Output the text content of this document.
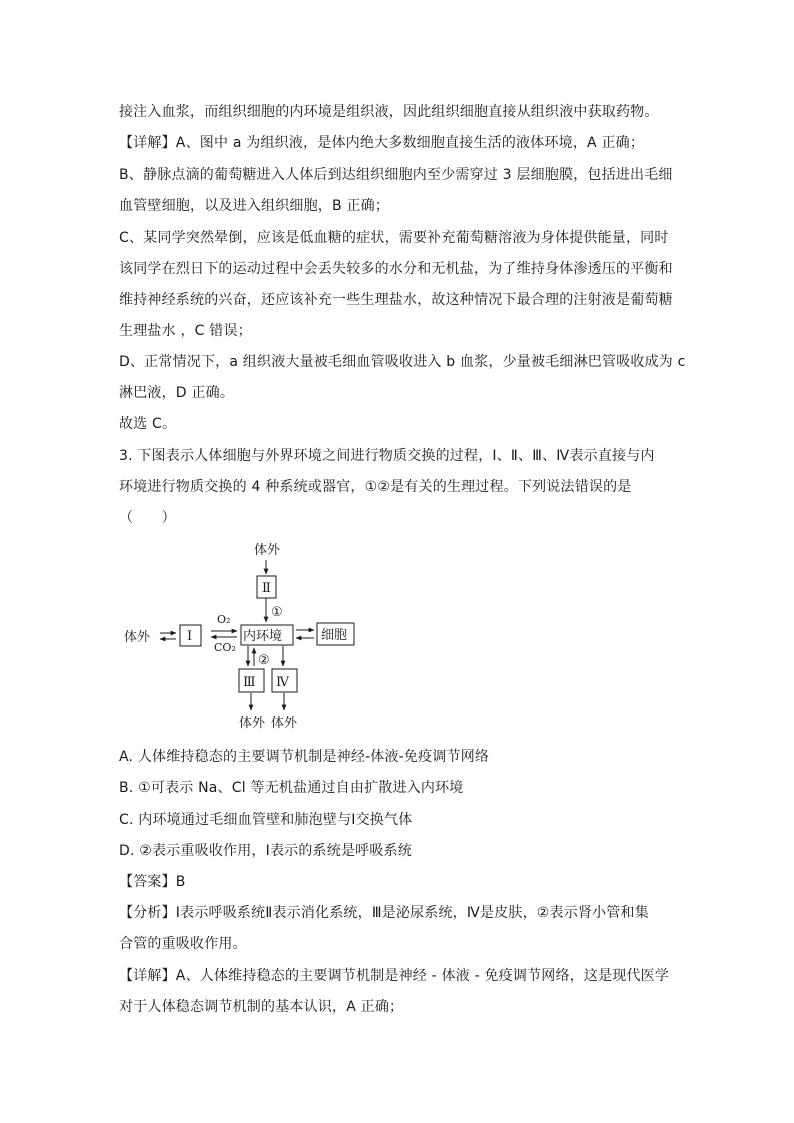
接注入血浆，而组织细胞的内环境是组织液，因此组织细胞直接从组织液中获取药物。
【详解】A、图中 a 为组织液，是体内绝大多数细胞直接生活的液体环境，A 正确；
B、静脉点滴的葡萄糖进入人体后到达组织细胞内至少需穿过 3 层细胞膜，包括进出毛细
血管壁细胞，以及进入组织细胞，B 正确；
C、某同学突然晕倒，应该是低血糖的症状，需要补充葡萄糖溶液为身体提供能量，同时
该同学在烈日下的运动过程中会丢失较多的水分和无机盐，为了维持身体渗透压的平衡和
维持神经系统的兴奋，还应该补充一些生理盐水，故这种情况下最合理的注射液是葡萄糖
生理盐水 ，C 错误；
D、正常情况下，a 组织液大量被毛细血管吸收进入 b 血浆，少量被毛细淋巴管吸收成为 c
淋巴液，D 正确。
故选 C。
3. 下图表示人体细胞与外界环境之间进行物质交换的过程，Ⅰ、Ⅱ、Ⅲ、Ⅳ表示直接与内
环境进行物质交换的 4 种系统或器官，①②是有关的生理过程。下列说法错误的是
（　　）
体外
Ⅱ
①
体外	Ⅰ
O₂
CO₂
内环境	细胞
②
Ⅲ Ⅳ
体外 体外
A. 人体维持稳态的主要调节机制是神经-体液-免疫调节网络
B. ①可表示 Na、Cl 等无机盐通过自由扩散进入内环境
C. 内环境通过毛细血管壁和肺泡壁与Ⅰ交换气体
D. ②表示重吸收作用，Ⅰ表示的系统是呼吸系统
【答案】B
【分析】Ⅰ表示呼吸系统Ⅱ表示消化系统，Ⅲ是泌尿系统，Ⅳ是皮肤，②表示肾小管和集
合管的重吸收作用。
【详解】A、人体维持稳态的主要调节机制是神经 - 体液 - 免疫调节网络，这是现代医学
对于人体稳态调节机制的基本认识，A 正确；
